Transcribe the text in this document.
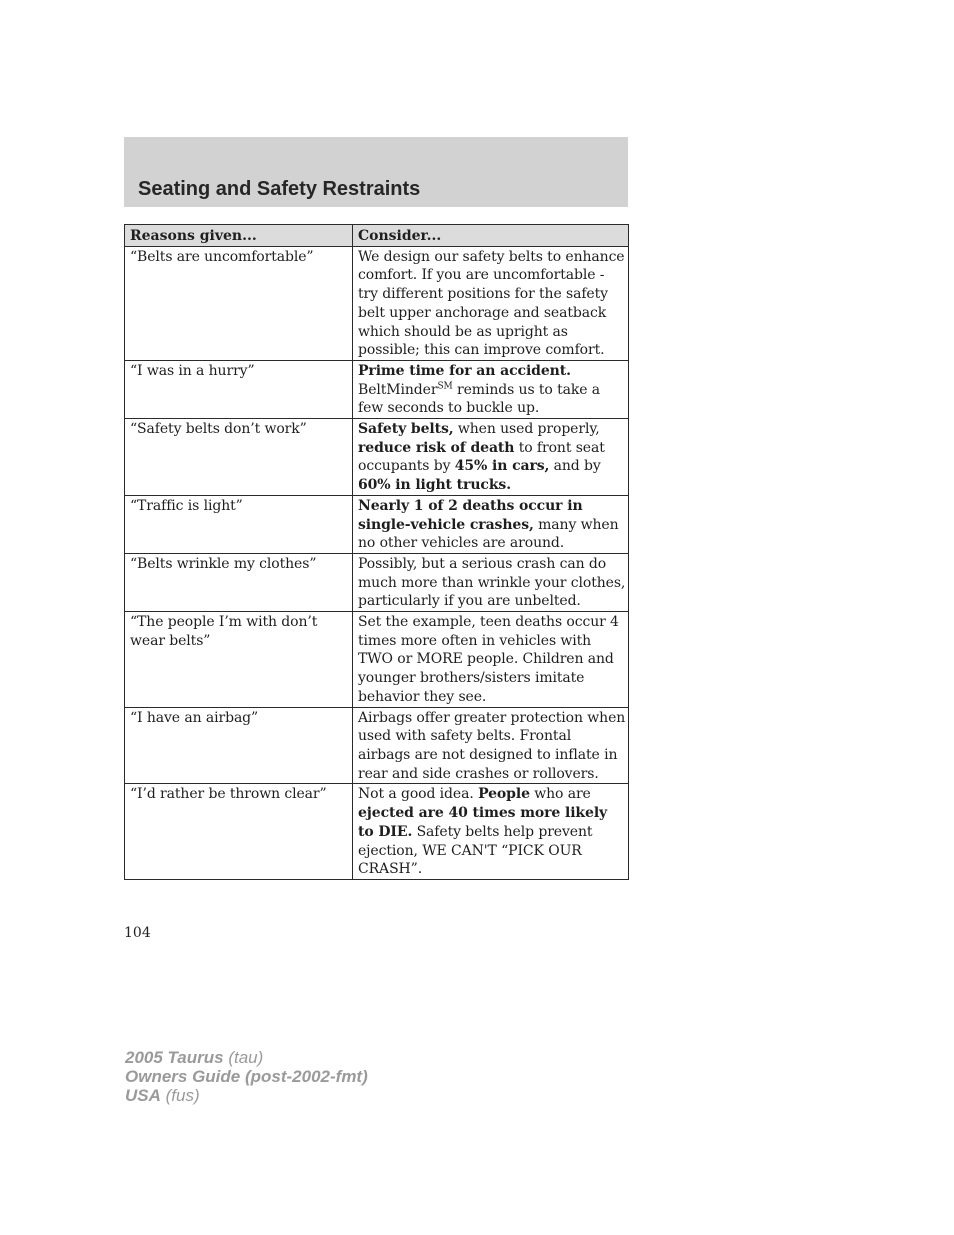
Seating and Safety Restraints
Reasons given...	Consider...
“Belts are uncomfortable”	We design our safety belts to enhance comfort. If you are uncomfortable - try different positions for the safety belt upper anchorage and seatback which should be as upright as possible; this can improve comfort.
“I was in a hurry”	Prime time for an accident.
BeltMinder℠ reminds us to take a few seconds to buckle up.
“Safety belts don’t work”	Safety belts, when used properly, reduce risk of death to front seat occupants by 45% in cars, and by 60% in light trucks.
“Traffic is light”	Nearly 1 of 2 deaths occur in single-vehicle crashes, many when no other vehicles are around.
“Belts wrinkle my clothes”	Possibly, but a serious crash can do much more than wrinkle your clothes, particularly if you are unbelted.
“The people I’m with don’t wear belts”	Set the example, teen deaths occur 4 times more often in vehicles with TWO or MORE people. Children and younger brothers/sisters imitate behavior they see.
“I have an airbag”	Airbags offer greater protection when used with safety belts. Frontal airbags are not designed to inflate in rear and side crashes or rollovers.
“I’d rather be thrown clear”	Not a good idea. People who are ejected are 40 times more likely to DIE. Safety belts help prevent ejection, WE CAN'T “PICK OUR CRASH”.
104
2005 Taurus (tau)
Owners Guide (post-2002-fmt)
USA (fus)
